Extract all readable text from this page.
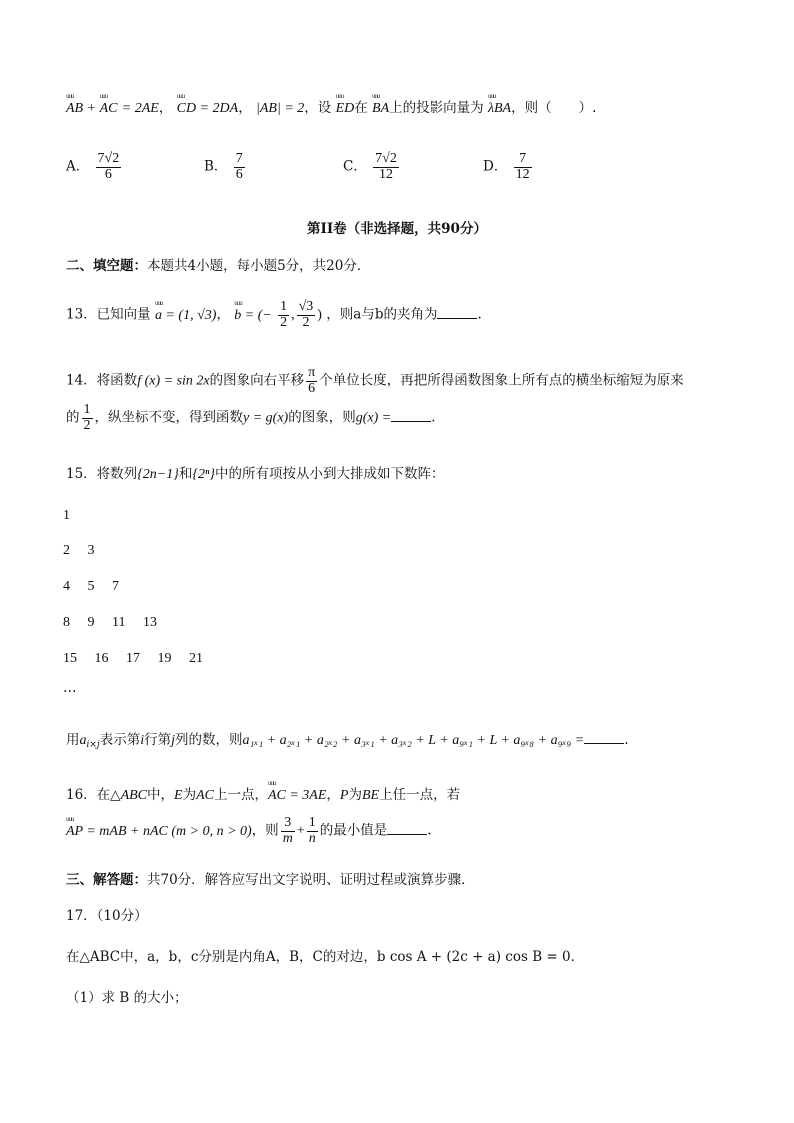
uuu AB + uuu AC = 2AE， uuu CD = 2DA， |AB| = 2，设 uuu ED在 uuu BA上的投影向量为 uuu λBA，则（　　）.
A． $\frac{7√2}{6}$	B． $\frac{7}{6}$	C． $\frac{7√2}{12}$	D． $\frac{7}{12}$
第II卷（非选择题，共90分）
二、填空题：本题共4小题，每小题5分，共20分．
13．已知向量 uuu a = (1, √3)， uuu b = (− $\frac{1}{2}$ , $\frac{√3}{2}$ ) ，则a与b的夹角为	.
14．将函数f (x) = sin 2x的图象向右平移 $\frac{\pi}{6}$ 个单位长度，再把所得函数图象上所有点的横坐标缩短为原来
的 $\frac{1}{2}$ ，纵坐标不变，得到函数y = g(x)的图象，则g(x) =	.
15．将数列{2n−1}和{2ⁿ}中的所有项按从小到大排成如下数阵：
1
2 3
4 5 7
8 9 11 13
15 16 17 19 21
…
用$a_{i\times j}$表示第i行第j列的数，则a₁ₓ₁ + a₂ₓ₁ + a₂ₓ₂ + a₃ₓ₁ + a₃ₓ₂ + L + a₉ₓ₁ + L + a₉ₓ₈ + a₉ₓ₉ =	.
16．在△ABC中，E为AC上一点，uuu AC = 3AE，P为BE上任一点，若
uuu AP = mAB + nAC (m > 0, n > 0)，则 $\frac{3}{m} + \frac{1}{n}$ 的最小值是	.
三、解答题：共70分．解答应写出文字说明、证明过程或演算步骤．
17．（10分）
在△ABC中，a，b，c分别是内角A，B，C的对边，b cos A + (2c + a) cos B = 0．
（1）求 B 的大小；
